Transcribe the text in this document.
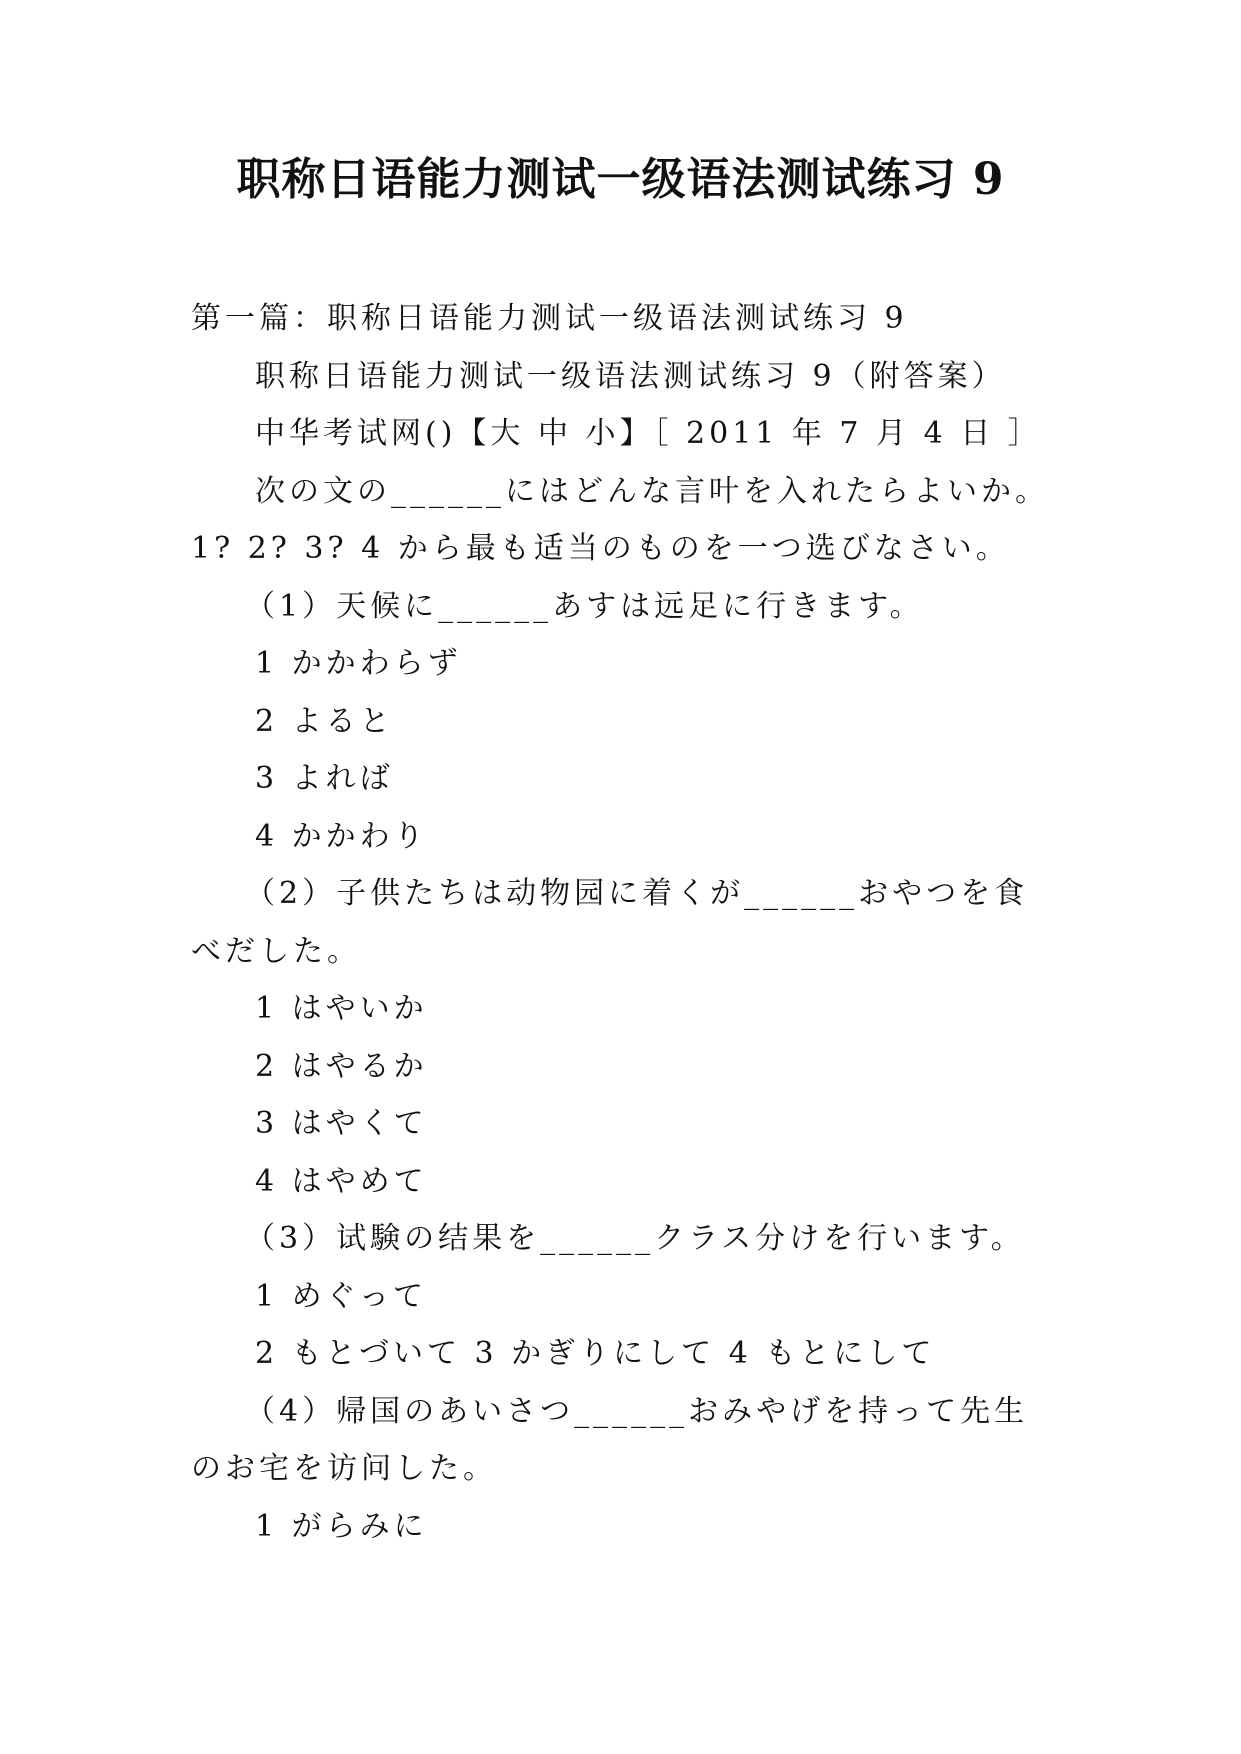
职称日语能力测试一级语法测试练习 9

第一篇：职称日语能力测试一级语法测试练习 9

职称日语能力测试一级语法测试练习 9（附答案）

中华考试网()【大 中 小】［ 2011 年 7 月 4 日 ］

次の文の______にはどんな言叶を入れたらよいか。1? 2? 3? 4 から最も适当のものを一つ选びなさい。

（1）天候に______あすは远足に行きます。

1 かかわらず

2 よると

3 よれば

4 かかわり

（2）子供たちは动物园に着くが______おやつを食べだした。

1 はやいか

2 はやるか

3 はやくて

4 はやめて

（3）试験の结果を______クラス分けを行います。

1 めぐって

2 もとづいて 3 かぎりにして 4 もとにして

（4）帰国のあいさつ______おみやげを持って先生のお宅を访问した。

1 がらみに
